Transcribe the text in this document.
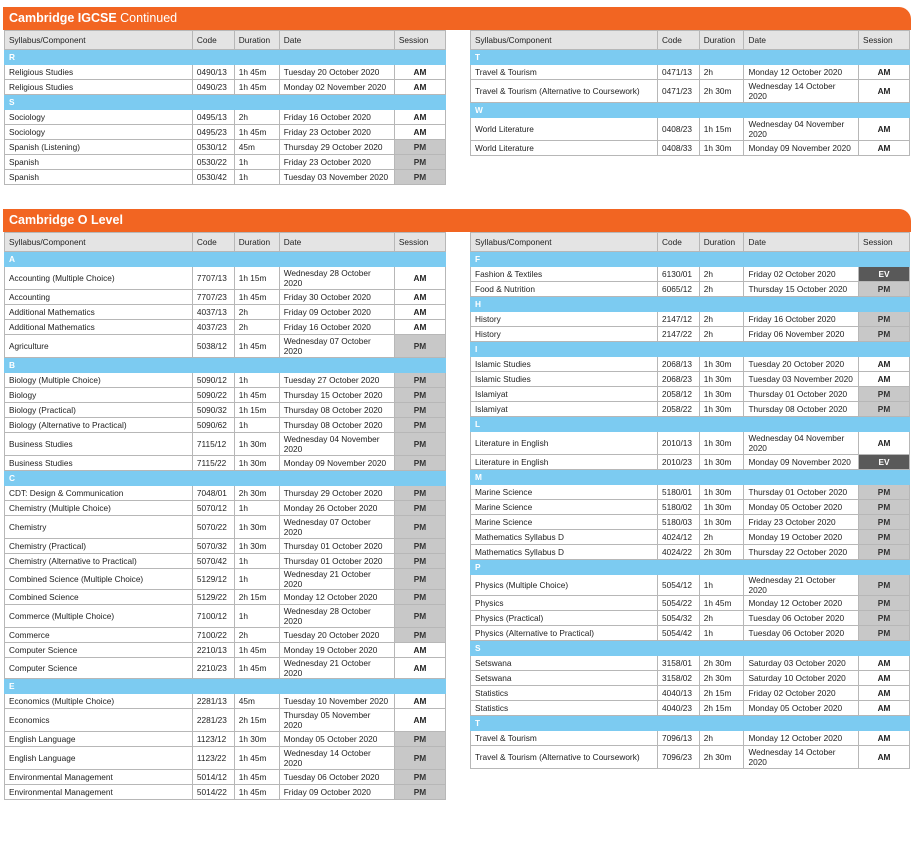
Cambridge IGCSE Continued
Syllabus/Component	Code	Duration	Date	Session
R				
Religious Studies	0490/13	1h 45m	Tuesday 20 October 2020	AM
Religious Studies	0490/23	1h 45m	Monday 02 November 2020	AM
S				
Sociology	0495/13	2h	Friday 16 October 2020	AM
Sociology	0495/23	1h 45m	Friday 23 October 2020	AM
Spanish (Listening)	0530/12	45m	Thursday 29 October 2020	PM
Spanish	0530/22	1h	Friday 23 October 2020	PM
Spanish	0530/42	1h	Tuesday 03 November 2020	PM
Syllabus/Component	Code	Duration	Date	Session
T				
Travel & Tourism	0471/13	2h	Monday 12 October 2020	AM
Travel & Tourism (Alternative to Coursework)	0471/23	2h 30m	Wednesday 14 October 2020	AM
W				
World Literature	0408/23	1h 15m	Wednesday 04 November 2020	AM
World Literature	0408/33	1h 30m	Monday 09 November 2020	AM
Cambridge O Level
Syllabus/Component	Code	Duration	Date	Session
A				
Accounting (Multiple Choice)	7707/13	1h 15m	Wednesday 28 October 2020	AM
Accounting	7707/23	1h 45m	Friday 30 October 2020	AM
Additional Mathematics	4037/13	2h	Friday 09 October 2020	AM
Additional Mathematics	4037/23	2h	Friday 16 October 2020	AM
Agriculture	5038/12	1h 45m	Wednesday 07 October 2020	PM
B				
Biology (Multiple Choice)	5090/12	1h	Tuesday 27 October 2020	PM
Biology	5090/22	1h 45m	Thursday 15 October 2020	PM
Biology (Practical)	5090/32	1h 15m	Thursday 08 October 2020	PM
Biology (Alternative to Practical)	5090/62	1h	Thursday 08 October 2020	PM
Business Studies	7115/12	1h 30m	Wednesday 04 November 2020	PM
Business Studies	7115/22	1h 30m	Monday 09 November 2020	PM
C				
CDT: Design & Communication	7048/01	2h 30m	Thursday 29 October 2020	PM
Chemistry (Multiple Choice)	5070/12	1h	Monday 26 October 2020	PM
Chemistry	5070/22	1h 30m	Wednesday 07 October 2020	PM
Chemistry (Practical)	5070/32	1h 30m	Thursday 01 October 2020	PM
Chemistry (Alternative to Practical)	5070/42	1h	Thursday 01 October 2020	PM
Combined Science (Multiple Choice)	5129/12	1h	Wednesday 21 October 2020	PM
Combined Science	5129/22	2h 15m	Monday 12 October 2020	PM
Commerce (Multiple Choice)	7100/12	1h	Wednesday 28 October 2020	PM
Commerce	7100/22	2h	Tuesday 20 October 2020	PM
Computer Science	2210/13	1h 45m	Monday 19 October 2020	AM
Computer Science	2210/23	1h 45m	Wednesday 21 October 2020	AM
E				
Economics (Multiple Choice)	2281/13	45m	Tuesday 10 November 2020	AM
Economics	2281/23	2h 15m	Thursday 05 November 2020	AM
English Language	1123/12	1h 30m	Monday 05 October 2020	PM
English Language	1123/22	1h 45m	Wednesday 14 October 2020	PM
Environmental Management	5014/12	1h 45m	Tuesday 06 October 2020	PM
Environmental Management	5014/22	1h 45m	Friday 09 October 2020	PM
Syllabus/Component	Code	Duration	Date	Session
F				
Fashion & Textiles	6130/01	2h	Friday 02 October 2020	EV
Food & Nutrition	6065/12	2h	Thursday 15 October 2020	PM
H				
History	2147/12	2h	Friday 16 October 2020	PM
History	2147/22	2h	Friday 06 November 2020	PM
I				
Islamic Studies	2068/13	1h 30m	Tuesday 20 October 2020	AM
Islamic Studies	2068/23	1h 30m	Tuesday 03 November 2020	AM
Islamiyat	2058/12	1h 30m	Thursday 01 October 2020	PM
Islamiyat	2058/22	1h 30m	Thursday 08 October 2020	PM
L				
Literature in English	2010/13	1h 30m	Wednesday 04 November 2020	AM
Literature in English	2010/23	1h 30m	Monday 09 November 2020	EV
M				
Marine Science	5180/01	1h 30m	Thursday 01 October 2020	PM
Marine Science	5180/02	1h 30m	Monday 05 October 2020	PM
Marine Science	5180/03	1h 30m	Friday 23 October 2020	PM
Mathematics Syllabus D	4024/12	2h	Monday 19 October 2020	PM
Mathematics Syllabus D	4024/22	2h 30m	Thursday 22 October 2020	PM
P				
Physics (Multiple Choice)	5054/12	1h	Wednesday 21 October 2020	PM
Physics	5054/22	1h 45m	Monday 12 October 2020	PM
Physics (Practical)	5054/32	2h	Tuesday 06 October 2020	PM
Physics (Alternative to Practical)	5054/42	1h	Tuesday 06 October 2020	PM
S				
Setswana	3158/01	2h 30m	Saturday 03 October 2020	AM
Setswana	3158/02	2h 30m	Saturday 10 October 2020	AM
Statistics	4040/13	2h 15m	Friday 02 October 2020	AM
Statistics	4040/23	2h 15m	Monday 05 October 2020	AM
T				
Travel & Tourism	7096/13	2h	Monday 12 October 2020	AM
Travel & Tourism (Alternative to Coursework)	7096/23	2h 30m	Wednesday 14 October 2020	AM
